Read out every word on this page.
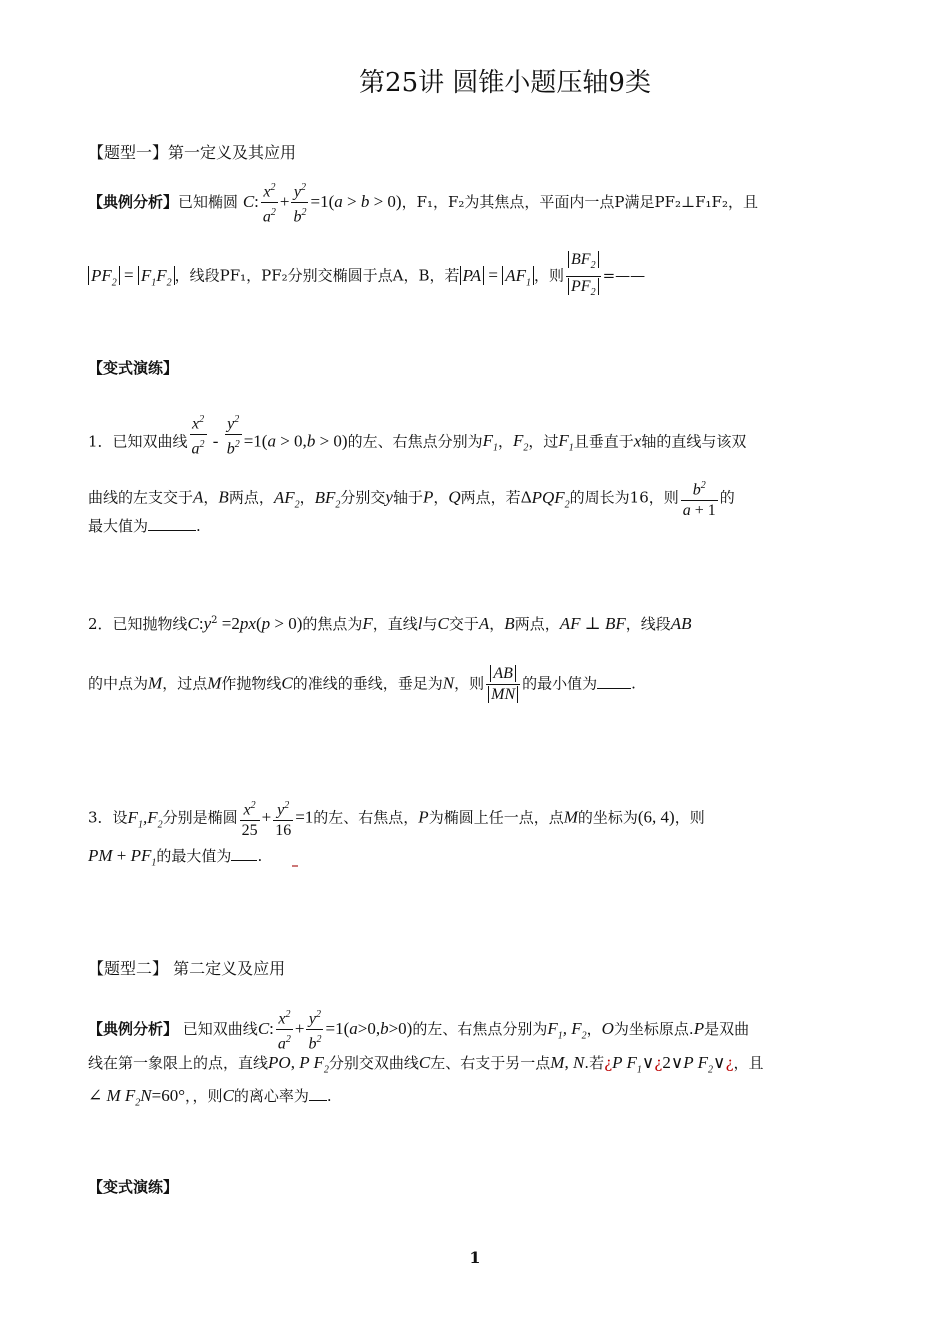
第25讲 圆锥小题压轴9类
【题型一】第一定义及其应用
【典例分析】已知椭圆 C: $\frac{x^2}{a^2} + \frac{y^2}{b^2} =1(a > b > 0)$，F₁，F₂为其焦点，平面内一点P满足PF₂⊥F₁F₂，且
$PF_2 = F_1F_2$ ，线段PF₁，PF₂分别交椭圆于点A，B，若 PA = $AF_1$ ，则 $\frac{BF_2}{PF_2}$ =——
【变式演练】
1．已知双曲线 $\frac{x^2}{a^2} - \frac{y^2}{b^2} =1(a > 0,b > 0)$的左、右焦点分别为$F_1$，$F_2$，过$F_1$且垂直于x轴的直线与该双
曲线的左支交于A，B两点，$AF_2$，$BF_2$分别交y轴于P，Q两点，若$\Delta PQF_2$的周长为16，则 $\frac{b^2}{a + 1}$ 的
最大值为	.
2．已知抛物线$C:y^2 =2px(p > 0)$的焦点为F，直线l与C交于A，B两点，AF ⊥ BF，线段AB
的中点为M，过点M作抛物线C的准线的垂线，垂足为N，则 $\frac{AB}{MN}$ 的最小值为 .
3．设$F_1,F_2$分别是椭圆 $\frac{x^2}{25} + \frac{y^2}{16} =1$的左、右焦点，P为椭圆上任一点，点M的坐标为(6, 4)，则
PM + $PF_1$的最大值为 .
【题型二】 第二定义及应用
【典例分析】 已知双曲线C: $\frac{x^2}{a^2} + \frac{y^2}{b^2} =1(a>0,b>0)$的左、右焦点分别为$F_1$, $F_2$，O为坐标原点.P是双曲
线在第一象限上的点，直线PO, P $F_2$分别交双曲线C左、右支于另一点M, N.若¿P $F_1\vee¿2\vee P$ $F_2\vee¿$，且
∠ M $F_2N=60^\circ$，，则C的离心率为 .
【变式演练】
1
